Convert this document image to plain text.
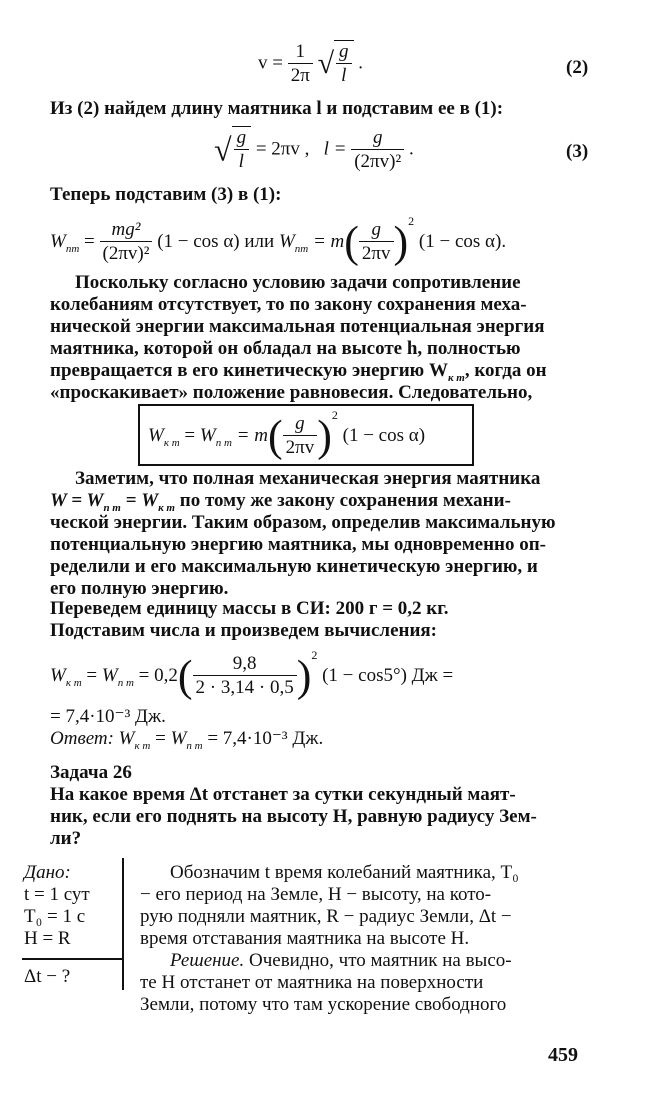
$v = \frac{1}{2\pi}$ √ $\frac{g}{l}$ .	(2)
Из (2) найдем длину маятника l и подставим ее в (1):
√ $\frac{g}{l} = 2\pi v$ , $l = \frac{g}{\text{(2πv)²}}$ .	(3)
Теперь подставим (3) в (1):
$W_{пт} = \frac{\text{mg²}}{\text{(2πv)²}} (1 - \cos \alpha)$ или $W_{пт} = m( \frac{g}{2\pi v} )^2$ (1 − cos α).
Поскольку согласно условию задачи сопротивление
колебаниям отсутствует, то по закону сохранения меха-
нической энергии максимальная потенциальная энергия
маятника, которой он обладал на высоте h, полностью
превращается в его кинетическую энергию $W_{к т}$, когда он
«проскакивает» положение равновесия. Следовательно,
$W_{к т} = W_{п т} = m( \frac{g}{2\pi v} )^2$ (1 − cos α)
Заметим, что полная механическая энергия маятника
$W = W_{п т} = W_{к т}$ по тому же закону сохранения механи-
ческой энергии. Таким образом, определив максимальную
потенциальную энергию маятника, мы одновременно оп-
ределили и его максимальную кинетическую энергию, и
его полную энергию.
Переведем единицу массы в СИ: 200 г = 0,2 кг.
Подставим числа и произведем вычисления:
$W_{к т} = W_{п т} = 0,2( \frac{9,8}{2 \cdot 3,14 \cdot 0,5} )^2$ (1 − cos5°) Дж =
= 7,4·10⁻³ Дж.
Ответ: $W_{к т} = W_{п т} = 7,4\cdot 10^{-3}$ Дж.
Задача 26
На какое время Δt отстанет за сутки секундный маят-
ник, если его поднять на высоту H, равную радиусу Зем-
ли?
Дано:
t = 1 сут
T₀ = 1 с
H = R
Δt − ?
Обозначим t время колебаний маятника, T₀
− его период на Земле, H − высоту, на кото-
рую подняли маятник, R − радиус Земли, Δt −
время отставания маятника на высоте H.
Решение. Очевидно, что маятник на высо-
те H отстанет от маятника на поверхности
Земли, потому что там ускорение свободного
459
